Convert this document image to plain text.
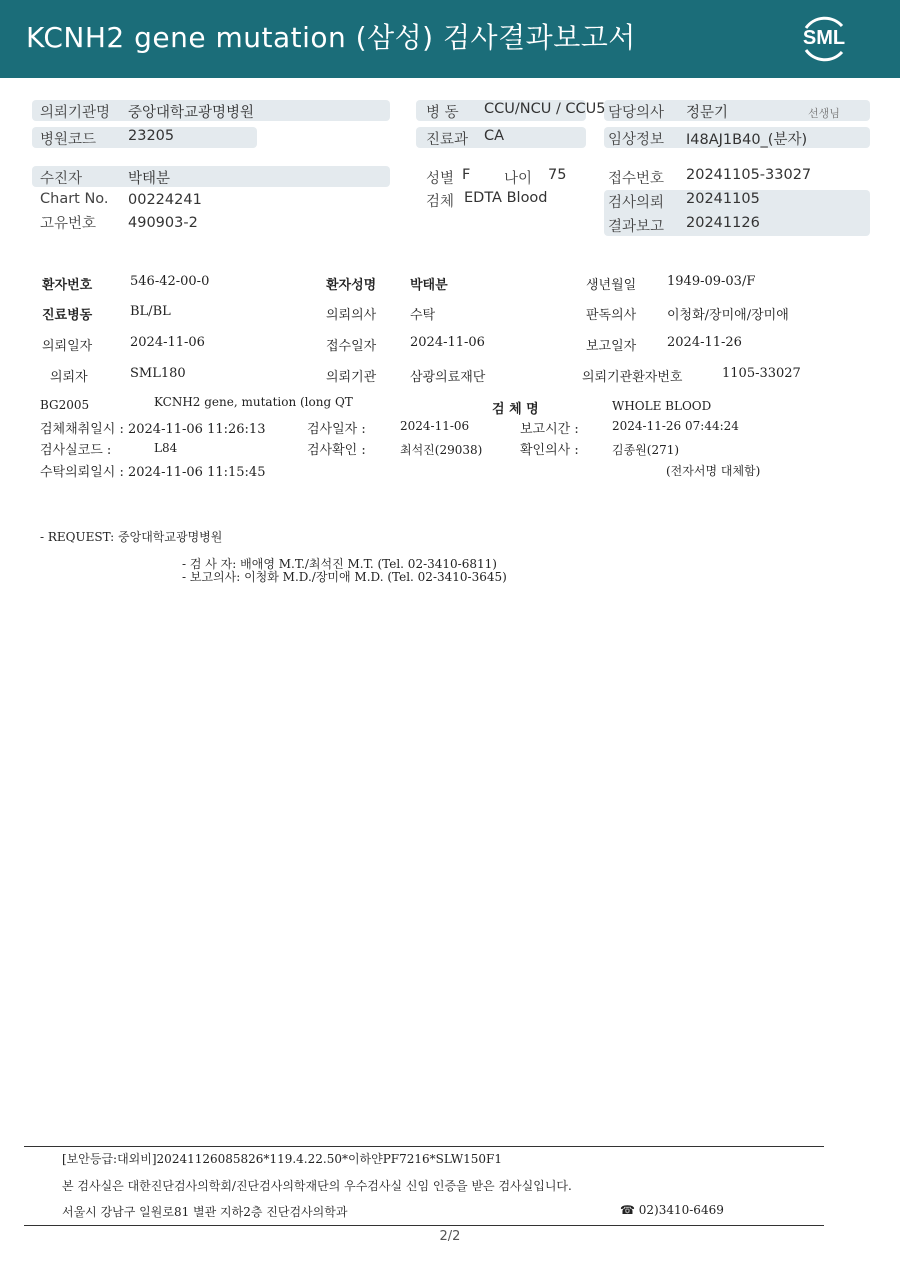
KCNH2 gene mutation (삼성) 검사결과보고서	SML
의뢰기관명 중앙대학교광명병원
병원코드 23205
병 동 CCU/NCU / CCU5
진료과 CA
담당의사 정문기	선생님
임상정보 I48AJ1B40_(분자)
수진자	박태분
Chart No. 00224241
고유번호 490903-2
성별 F 나이 75
검체 EDTA Blood
접수번호 20241105-33027
검사의뢰 20241105
결과보고 20241126
환자번호	546-42-00-0	환자성명	박태분	생년월일 1949-09-03/F
진료병동	BL/BL	의뢰의사	수탁	판독의사 이청화/장미애/장미애
의뢰일자	2024-11-06	접수일자	2024-11-06	보고일자 2024-11-26
의뢰자	SML180	의뢰기관	삼광의료재단	의뢰기관환자번호	1105-33027
BG2005	KCNH2 gene, mutation (long QT	검 체 명	WHOLE BLOOD
검체채취일시 : 2024-11-06 11:26:13	검사일자 :	2024-11-06	보고시간 :	2024-11-26 07:44:24
검사실코드 :	L84	검사확인 :	최석진(29038)	확인의사 :	김종원(271)
수탁의뢰일시 : 2024-11-06 11:15:45	(전자서명 대체함)
- REQUEST: 중앙대학교광명병원
- 검 사 자: 배애영 M.T./최석진 M.T. (Tel. 02-3410-6811)
- 보고의사: 이청화 M.D./장미애 M.D. (Tel. 02-3410-3645)
[보안등급:대외비]20241126085826*119.4.22.50*이하얀PF7216*SLW150F1
본 검사실은 대한진단검사의학회/진단검사의학재단의 우수검사실 신임 인증을 받은 검사실입니다.
서울시 강남구 일원로81 별관 지하2층 진단검사의학과	☎ 02)3410-6469
2/2
